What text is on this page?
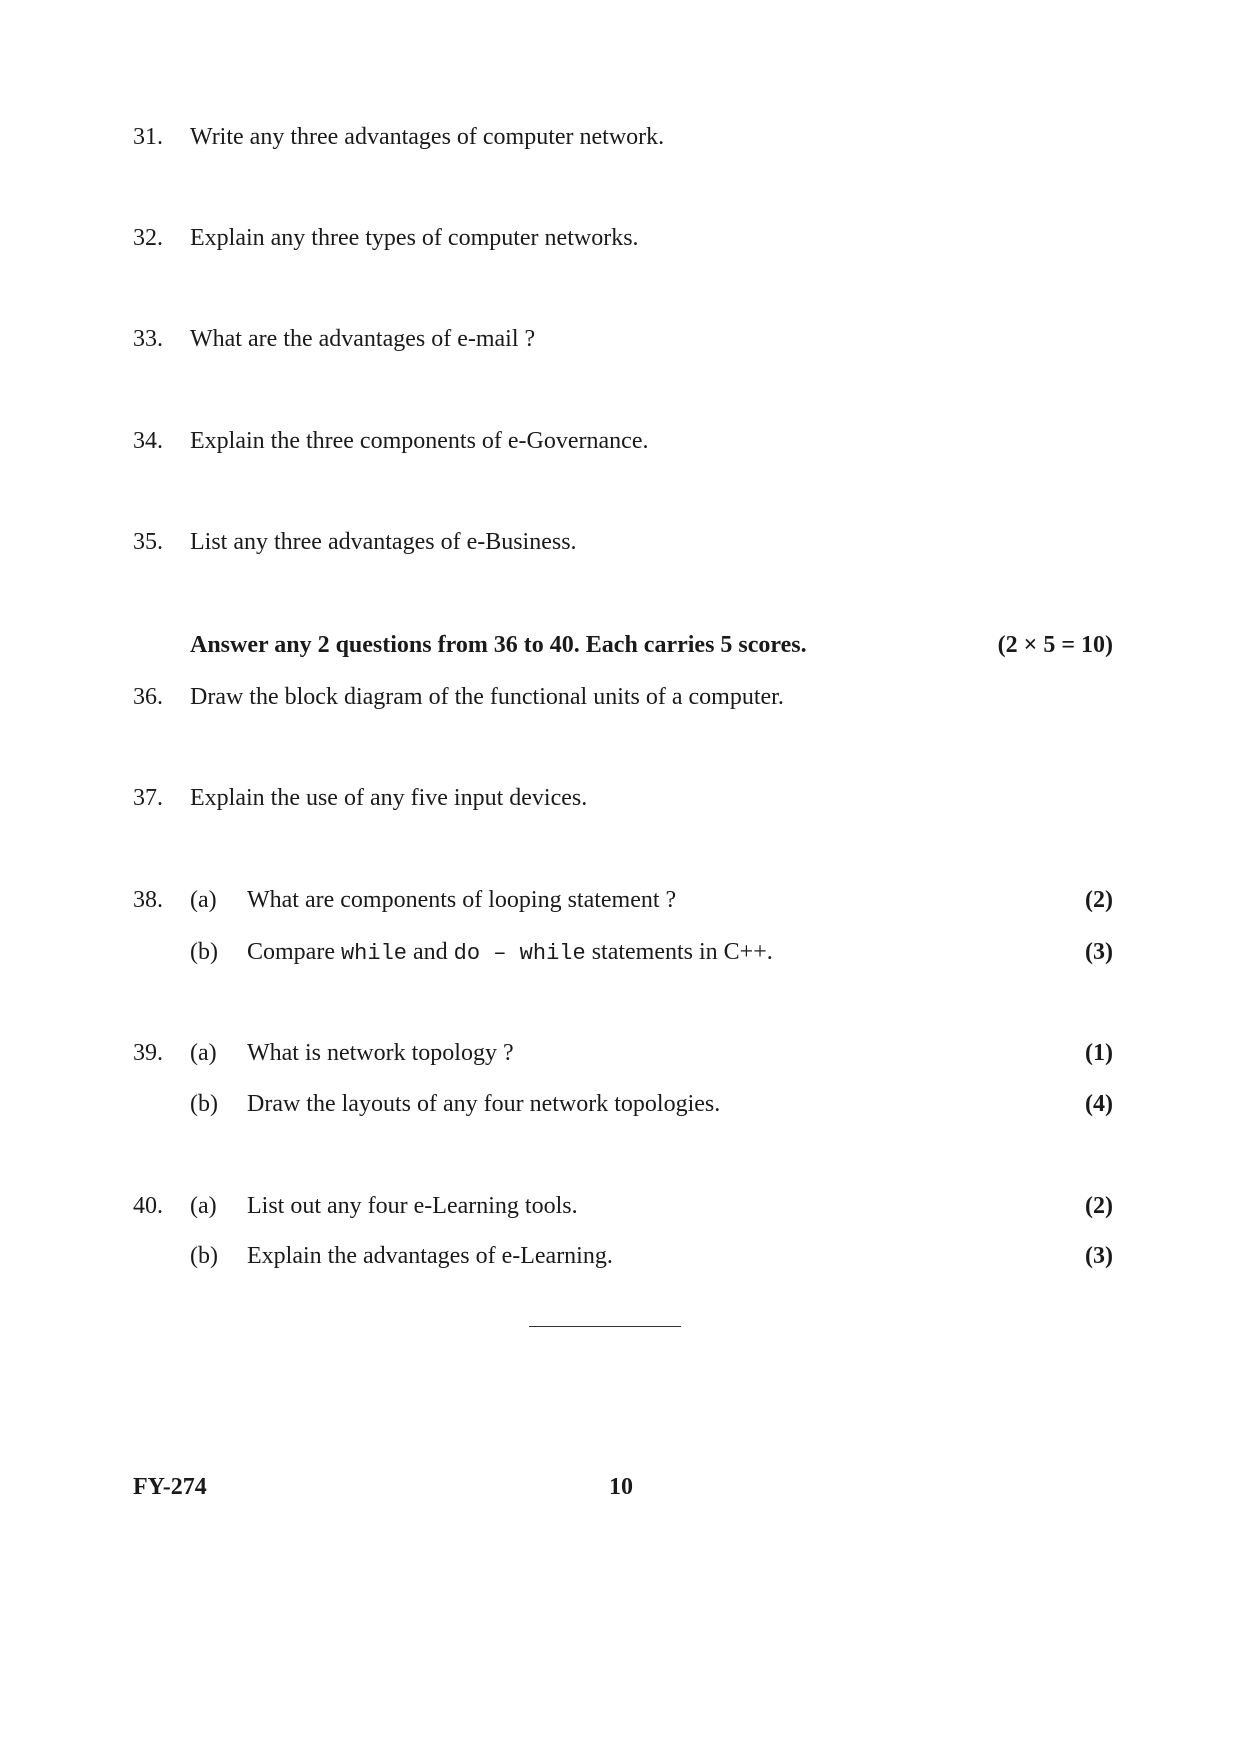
31. Write any three advantages of computer network.
32. Explain any three types of computer networks.
33. What are the advantages of e-mail ?
34. Explain the three components of e-Governance.
35. List any three advantages of e-Business.
Answer any 2 questions from 36 to 40. Each carries 5 scores.	(2 × 5 = 10)
36. Draw the block diagram of the functional units of a computer.
37. Explain the use of any five input devices.
38. (a) What are components of looping statement ?	(2)
(b) Compare while and do – while statements in C++.	(3)
39. (a) What is network topology ?	(1)
(b) Draw the layouts of any four network topologies.	(4)
40. (a) List out any four e-Learning tools.	(2)
(b) Explain the advantages of e-Learning.	(3)
FY-274	10
